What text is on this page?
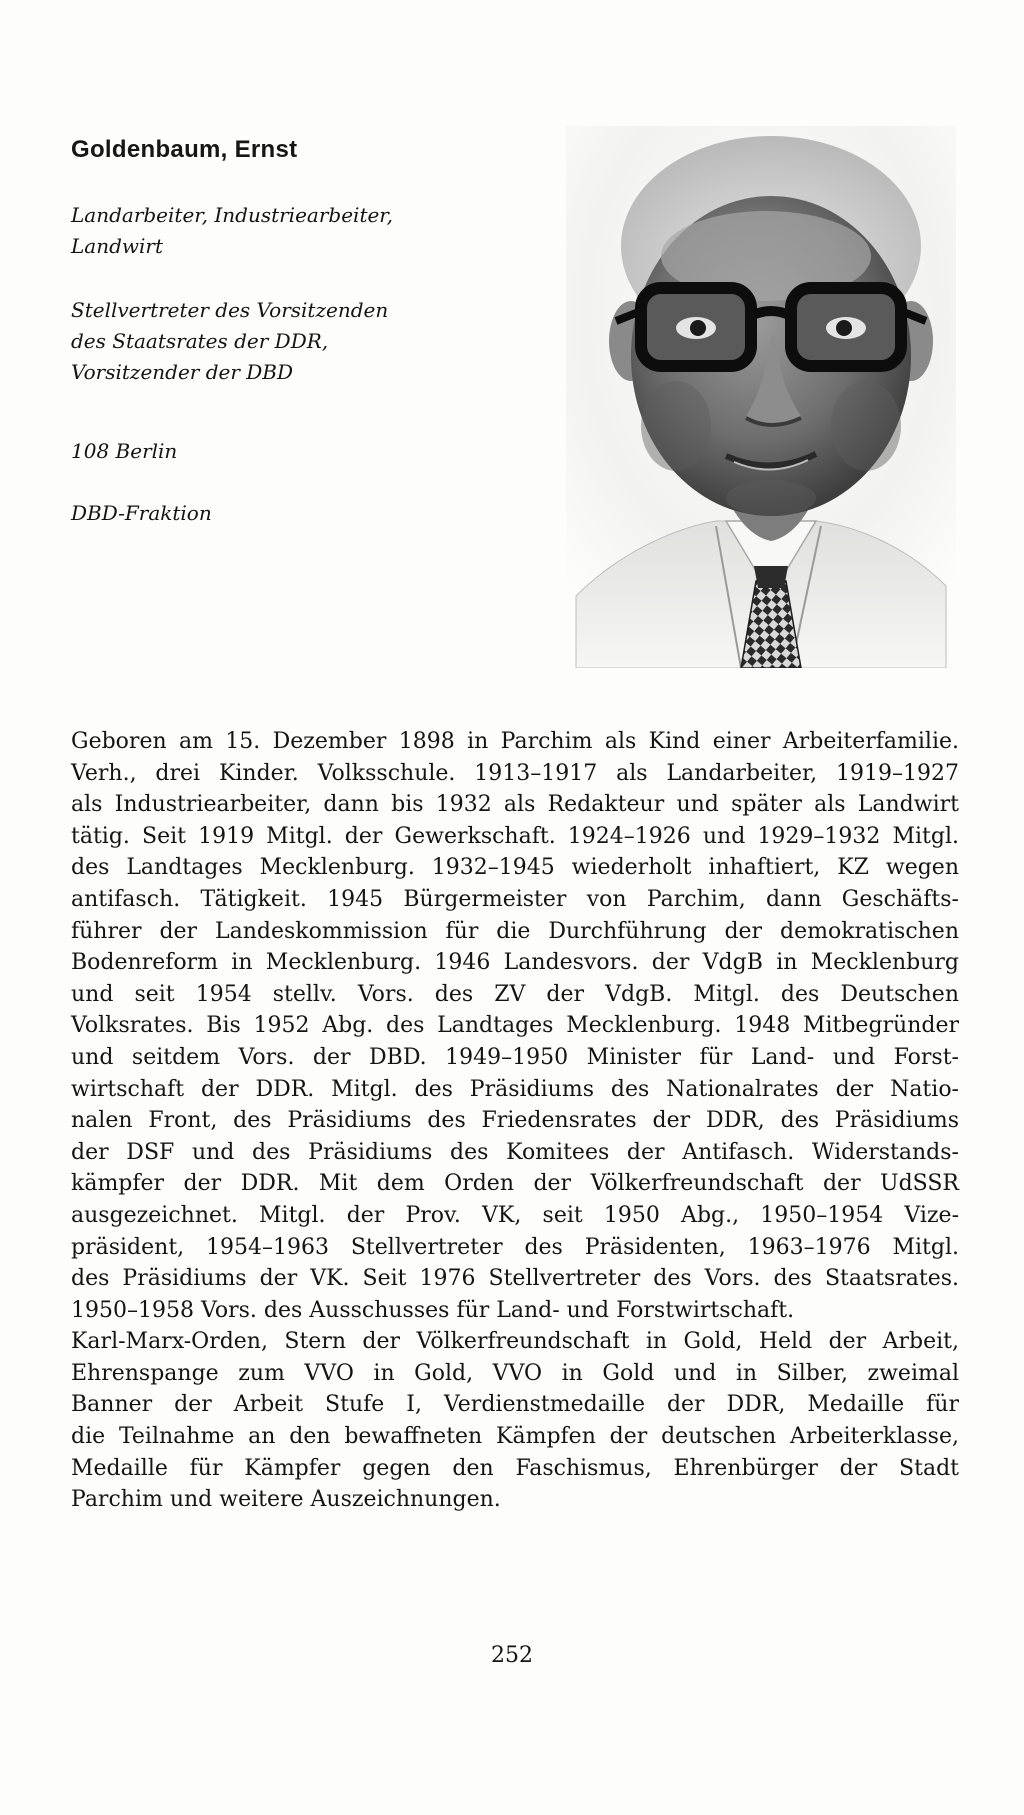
Goldenbaum, Ernst

Landarbeiter, Industriearbeiter,
Landwirt

Stellvertreter des Vorsitzenden
des Staatsrates der DDR,
Vorsitzender der DBD

108 Berlin

DBD-Fraktion

Geboren am 15. Dezember 1898 in Parchim als Kind einer Arbeiterfamilie.
Verh., drei Kinder. Volksschule. 1913–1917 als Landarbeiter, 1919–1927
als Industriearbeiter, dann bis 1932 als Redakteur und später als Landwirt
tätig. Seit 1919 Mitgl. der Gewerkschaft. 1924–1926 und 1929–1932 Mitgl.
des Landtages Mecklenburg. 1932–1945 wiederholt inhaftiert, KZ wegen
antifasch. Tätigkeit. 1945 Bürgermeister von Parchim, dann Geschäfts-
führer der Landeskommission für die Durchführung der demokratischen
Bodenreform in Mecklenburg. 1946 Landesvors. der VdgB in Mecklenburg
und seit 1954 stellv. Vors. des ZV der VdgB. Mitgl. des Deutschen
Volksrates. Bis 1952 Abg. des Landtages Mecklenburg. 1948 Mitbegründer
und seitdem Vors. der DBD. 1949–1950 Minister für Land- und Forst-
wirtschaft der DDR. Mitgl. des Präsidiums des Nationalrates der Natio-
nalen Front, des Präsidiums des Friedensrates der DDR, des Präsidiums
der DSF und des Präsidiums des Komitees der Antifasch. Widerstands-
kämpfer der DDR. Mit dem Orden der Völkerfreundschaft der UdSSR
ausgezeichnet. Mitgl. der Prov. VK, seit 1950 Abg., 1950–1954 Vize-
präsident, 1954–1963 Stellvertreter des Präsidenten, 1963–1976 Mitgl.
des Präsidiums der VK. Seit 1976 Stellvertreter des Vors. des Staatsrates.
1950–1958 Vors. des Ausschusses für Land- und Forstwirtschaft.
Karl-Marx-Orden, Stern der Völkerfreundschaft in Gold, Held der Arbeit,
Ehrenspange zum VVO in Gold, VVO in Gold und in Silber, zweimal
Banner der Arbeit Stufe I, Verdienstmedaille der DDR, Medaille für
die Teilnahme an den bewaffneten Kämpfen der deutschen Arbeiterklasse,
Medaille für Kämpfer gegen den Faschismus, Ehrenbürger der Stadt
Parchim und weitere Auszeichnungen.

252
